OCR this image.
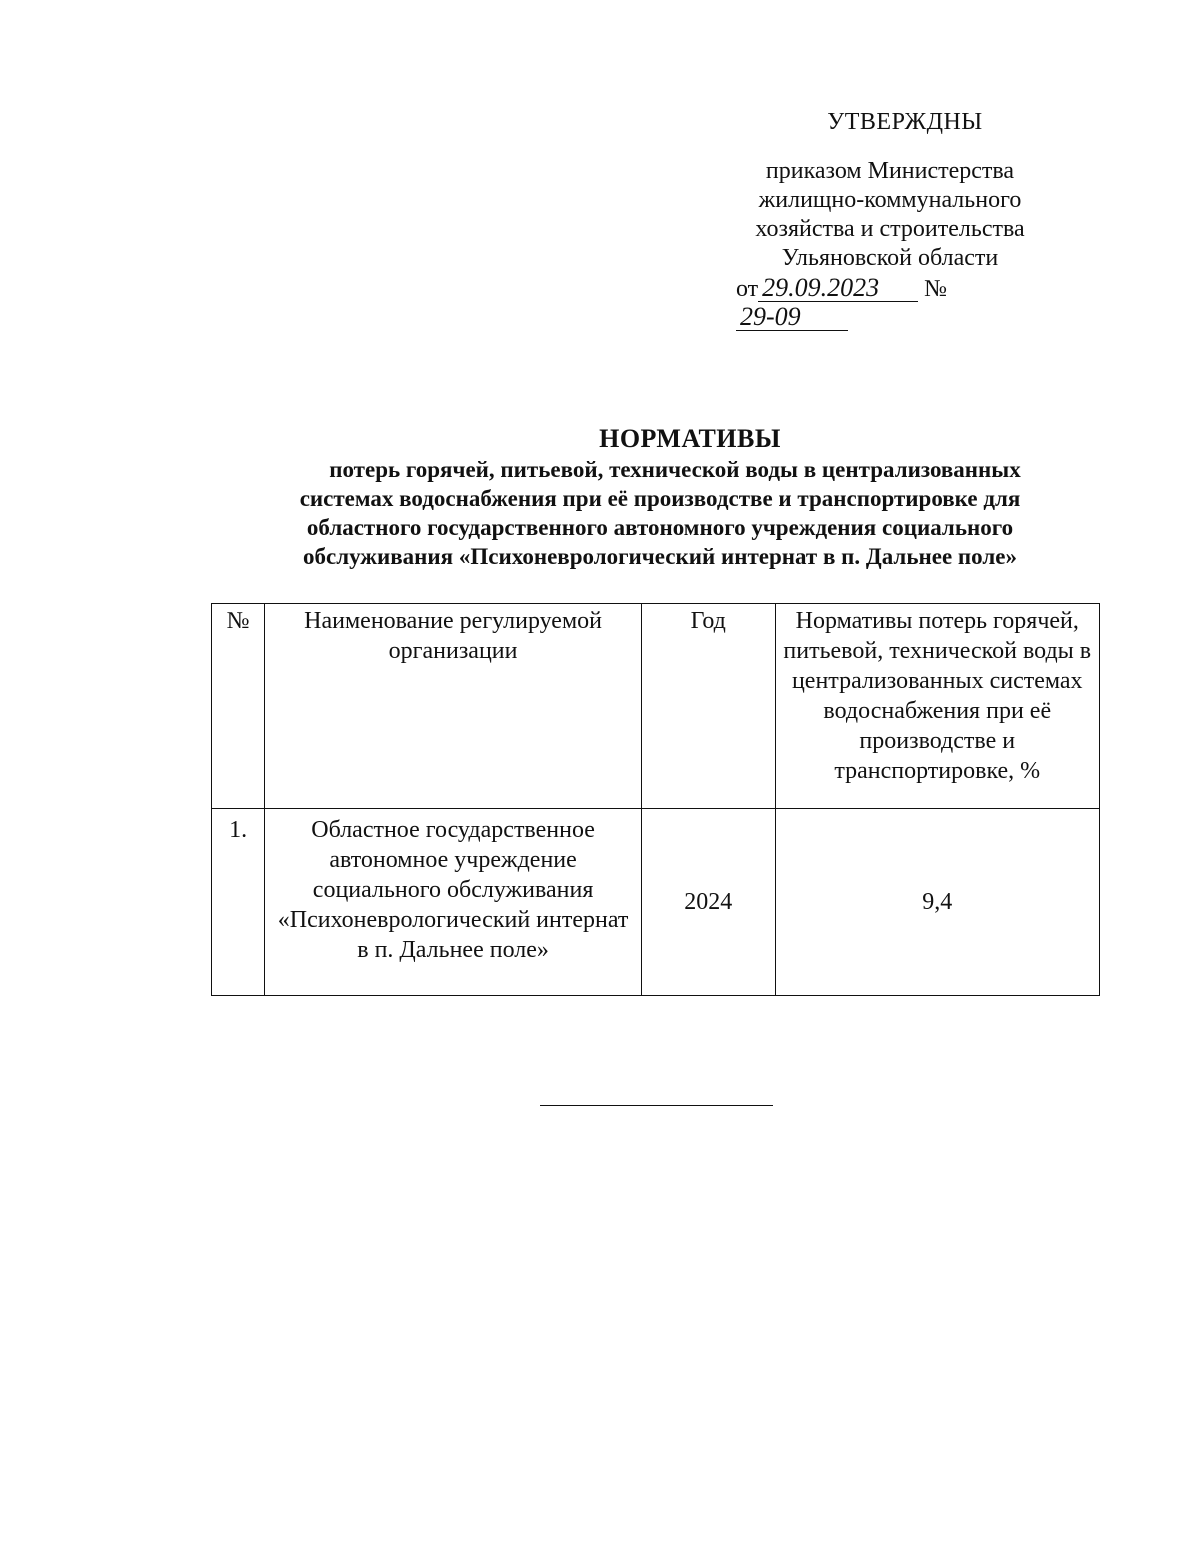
УТВЕРЖДНЫ
приказом Министерства
жилищно-коммунального
хозяйства и строительства
Ульяновской области
от 29.09.2023 № 29-09
НОРМАТИВЫ
потерь горячей, питьевой, технической воды в централизованных
системах водоснабжения при её производстве и транспортировке для
областного государственного автономного учреждения социального
обслуживания «Психоневрологический интернат в п. Дальнее поле»
№	Наименование регулируемой организации	Год	Нормативы потерь горячей, питьевой, технической воды в централизованных системах водоснабжения при её производстве и транспортировке, %
1.	Областное государственное автономное учреждение социального обслуживания «Психоневрологический интернат в п. Дальнее поле»	2024	9,4
